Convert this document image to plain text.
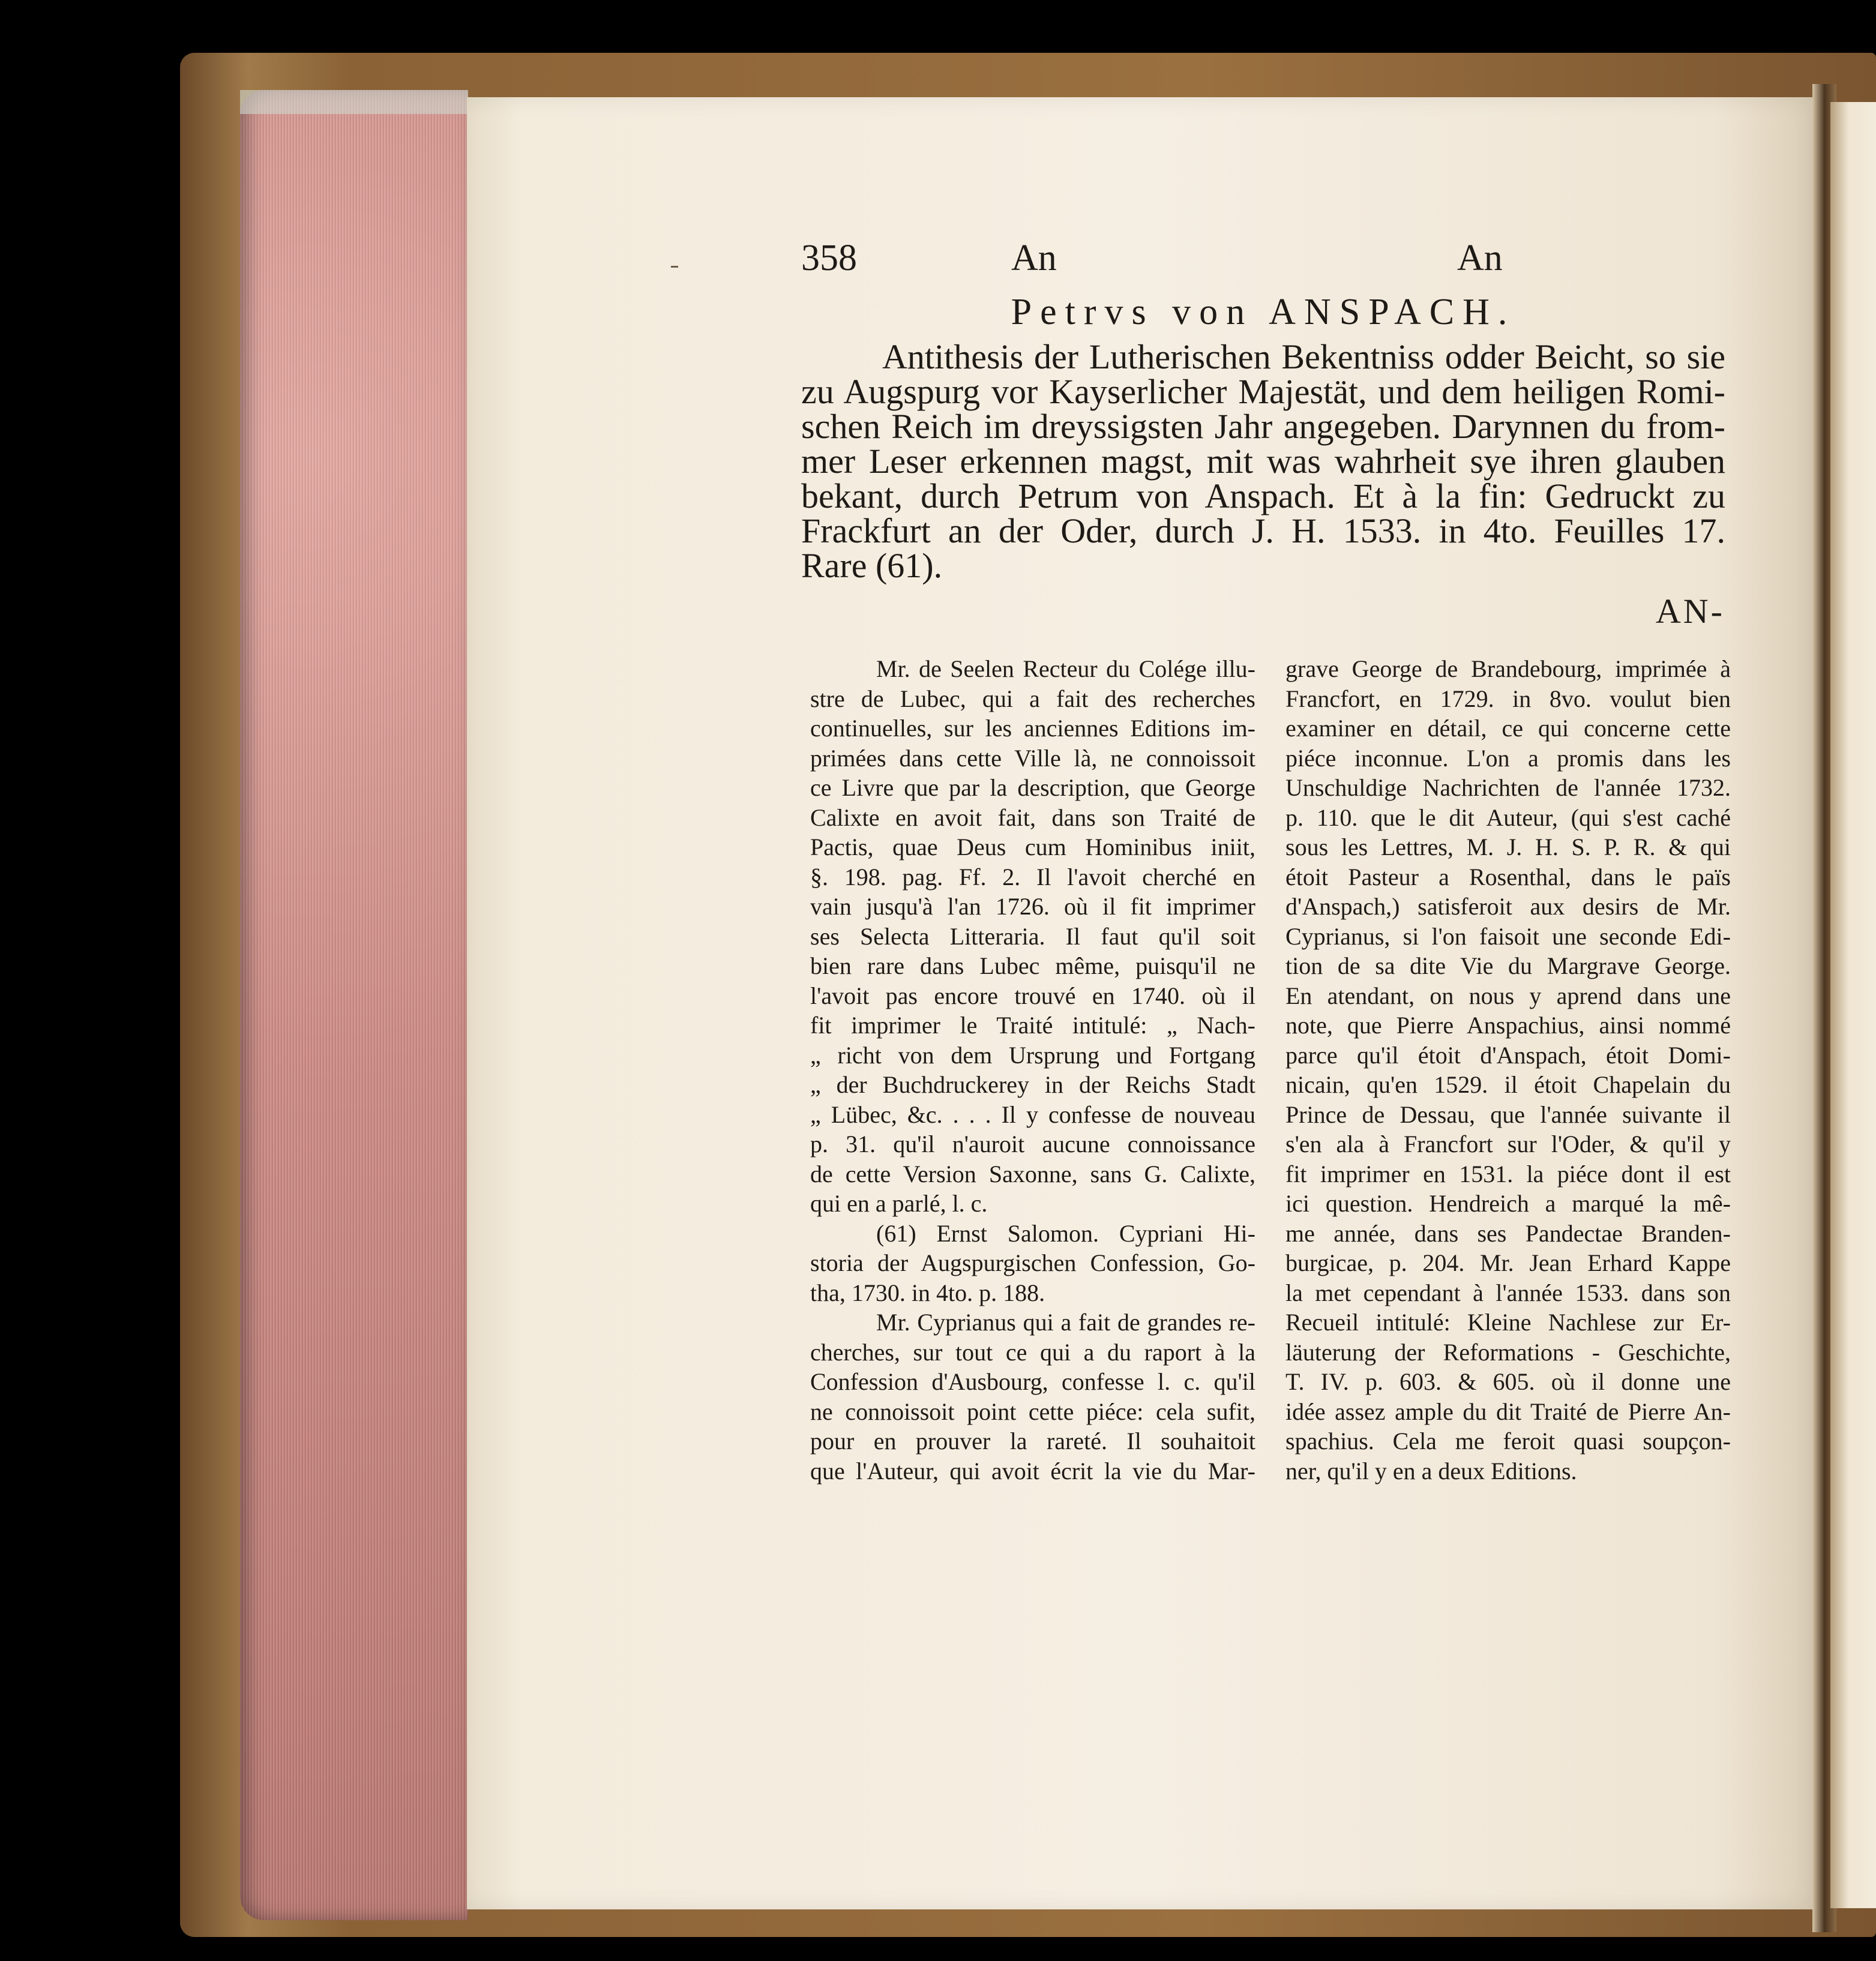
358	An	An
Petrvs von ANSPACH.
Antithesis der Lutherischen Bekentniss odder Beicht, so sie
zu Augspurg vor Kayserlicher Majestät, und dem heiligen Romi-
schen Reich im dreyssigsten Jahr angegeben. Darynnen du from-
mer Leser erkennen magst, mit was wahrheit sye ihren glauben
bekant, durch Petrum von Anspach. Et à la fin: Gedruckt zu
Frackfurt an der Oder, durch J. H. 1533. in 4to. Feuilles 17.
Rare (61).
AN-
Mr. de Seelen Recteur du Colége illu-
stre de Lubec, qui a fait des recherches
continuelles, sur les anciennes Editions im-
primées dans cette Ville là, ne connoissoit
ce Livre que par la description, que George
Calixte en avoit fait, dans son Traité de
Pactis, quae Deus cum Hominibus iniit,
§. 198. pag. Ff. 2. Il l'avoit cherché en
vain jusqu'à l'an 1726. où il fit imprimer
ses Selecta Litteraria. Il faut qu'il soit
bien rare dans Lubec même, puisqu'il ne
l'avoit pas encore trouvé en 1740. où il
fit imprimer le Traité intitulé: „ Nach-
„ richt von dem Ursprung und Fortgang
„ der Buchdruckerey in der Reichs Stadt
„ Lübec, &c. . . . Il y confesse de nouveau
p. 31. qu'il n'auroit aucune connoissance
de cette Version Saxonne, sans G. Calixte,
qui en a parlé, l. c.
(61) Ernst Salomon. Cypriani Hi-
storia der Augspurgischen Confession, Go-
tha, 1730. in 4to. p. 188.
Mr. Cyprianus qui a fait de grandes re-
cherches, sur tout ce qui a du raport à la
Confession d'Ausbourg, confesse l. c. qu'il
ne connoissoit point cette piéce: cela sufit,
pour en prouver la rareté. Il souhaitoit
que l'Auteur, qui avoit écrit la vie du Mar-
grave George de Brandebourg, imprimée à
Francfort, en 1729. in 8vo. voulut bien
examiner en détail, ce qui concerne cette
piéce inconnue. L'on a promis dans les
Unschuldige Nachrichten de l'année 1732.
p. 110. que le dit Auteur, (qui s'est caché
sous les Lettres, M. J. H. S. P. R. & qui
étoit Pasteur a Rosenthal, dans le païs
d'Anspach,) satisferoit aux desirs de Mr.
Cyprianus, si l'on faisoit une seconde Edi-
tion de sa dite Vie du Margrave George.
En atendant, on nous y aprend dans une
note, que Pierre Anspachius, ainsi nommé
parce qu'il étoit d'Anspach, étoit Domi-
nicain, qu'en 1529. il étoit Chapelain du
Prince de Dessau, que l'année suivante il
s'en ala à Francfort sur l'Oder, & qu'il y
fit imprimer en 1531. la piéce dont il est
ici question. Hendreich a marqué la mê-
me année, dans ses Pandectae Branden-
burgicae, p. 204. Mr. Jean Erhard Kappe
la met cependant à l'année 1533. dans son
Recueil intitulé: Kleine Nachlese zur Er-
läuterung der Reformations - Geschichte,
T. IV. p. 603. & 605. où il donne une
idée assez ample du dit Traité de Pierre An-
spachius. Cela me feroit quasi soupçon-
ner, qu'il y en a deux Editions.
